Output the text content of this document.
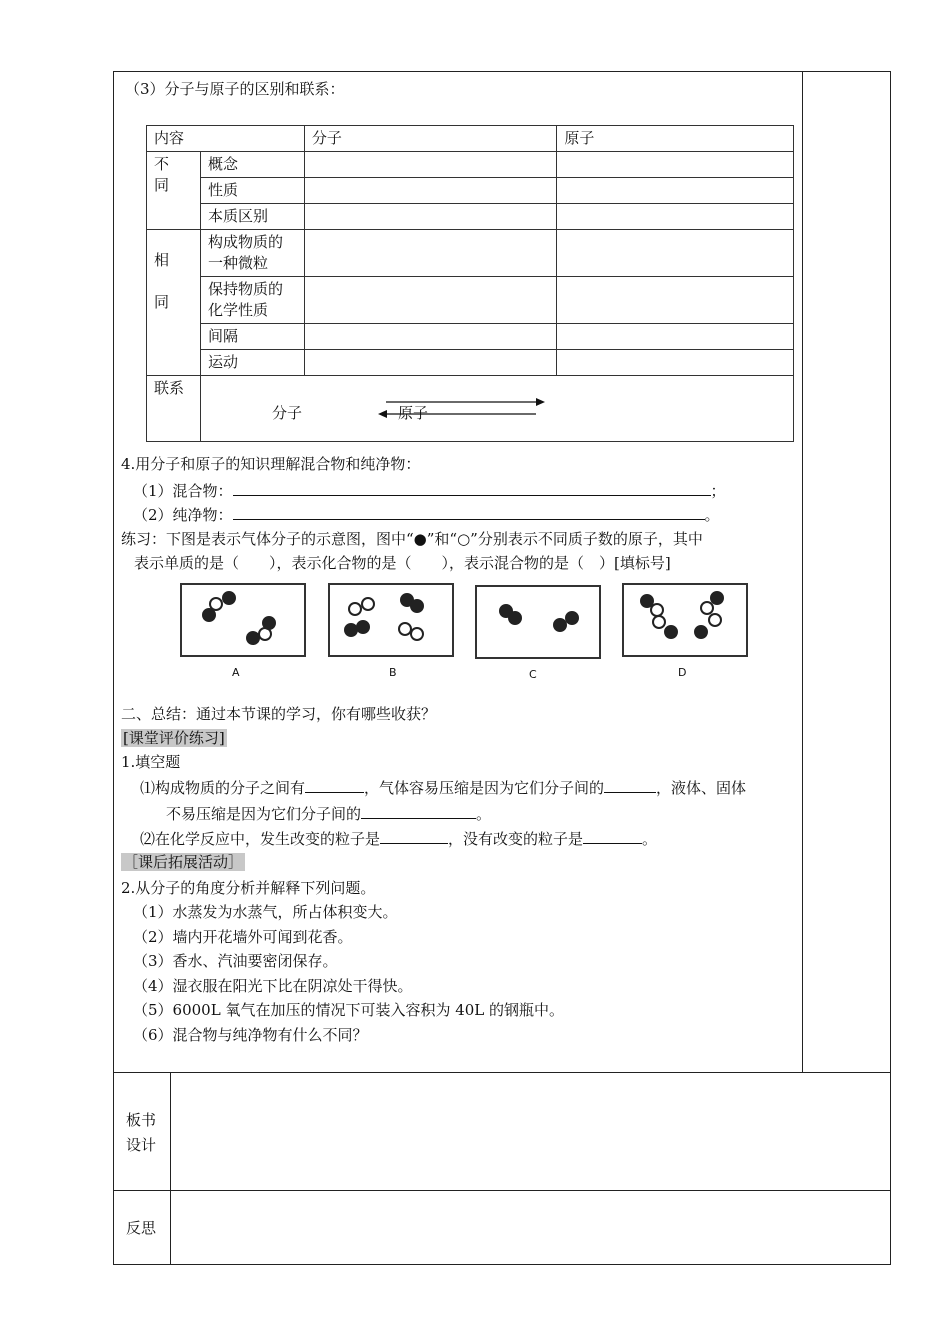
（3）分子与原子的区别和联系：
内容		分子	原子
不
同	概念		
	性质		
	本质区别		
相

同	构成物质的一种微粒		
	保持物质的化学性质		
	间隔		
	运动		
联系			
分子	原子
4.用分子和原子的知识理解混合物和纯净物：
（1）混合物：	；
（2）纯净物：	。
练习：下图是表示气体分子的示意图，图中“●”和“○”分别表示不同质子数的原子，其中
表示单质的是（　　），表示化合物的是（　　），表示混合物的是（　）[填标号]
A	B	C	D
二、总结：通过本节课的学习，你有哪些收获？
[课堂评价练习]
1.填空题
⑴构成物质的分子之间有	，气体容易压缩是因为它们分子间的	，液体、固体
不易压缩是因为它们分子间的	。
⑵在化学反应中，发生改变的粒子是	，没有改变的粒子是	。
［课后拓展活动］
2.从分子的角度分析并解释下列问题。
（1）水蒸发为水蒸气，所占体积变大。
（2）墙内开花墙外可闻到花香。
（3）香水、汽油要密闭保存。
（4）湿衣服在阳光下比在阴凉处干得快。
（5）6000L 氧气在加压的情况下可装入容积为 40L 的钢瓶中。
（6）混合物与纯净物有什么不同？
板书
设计
反思
